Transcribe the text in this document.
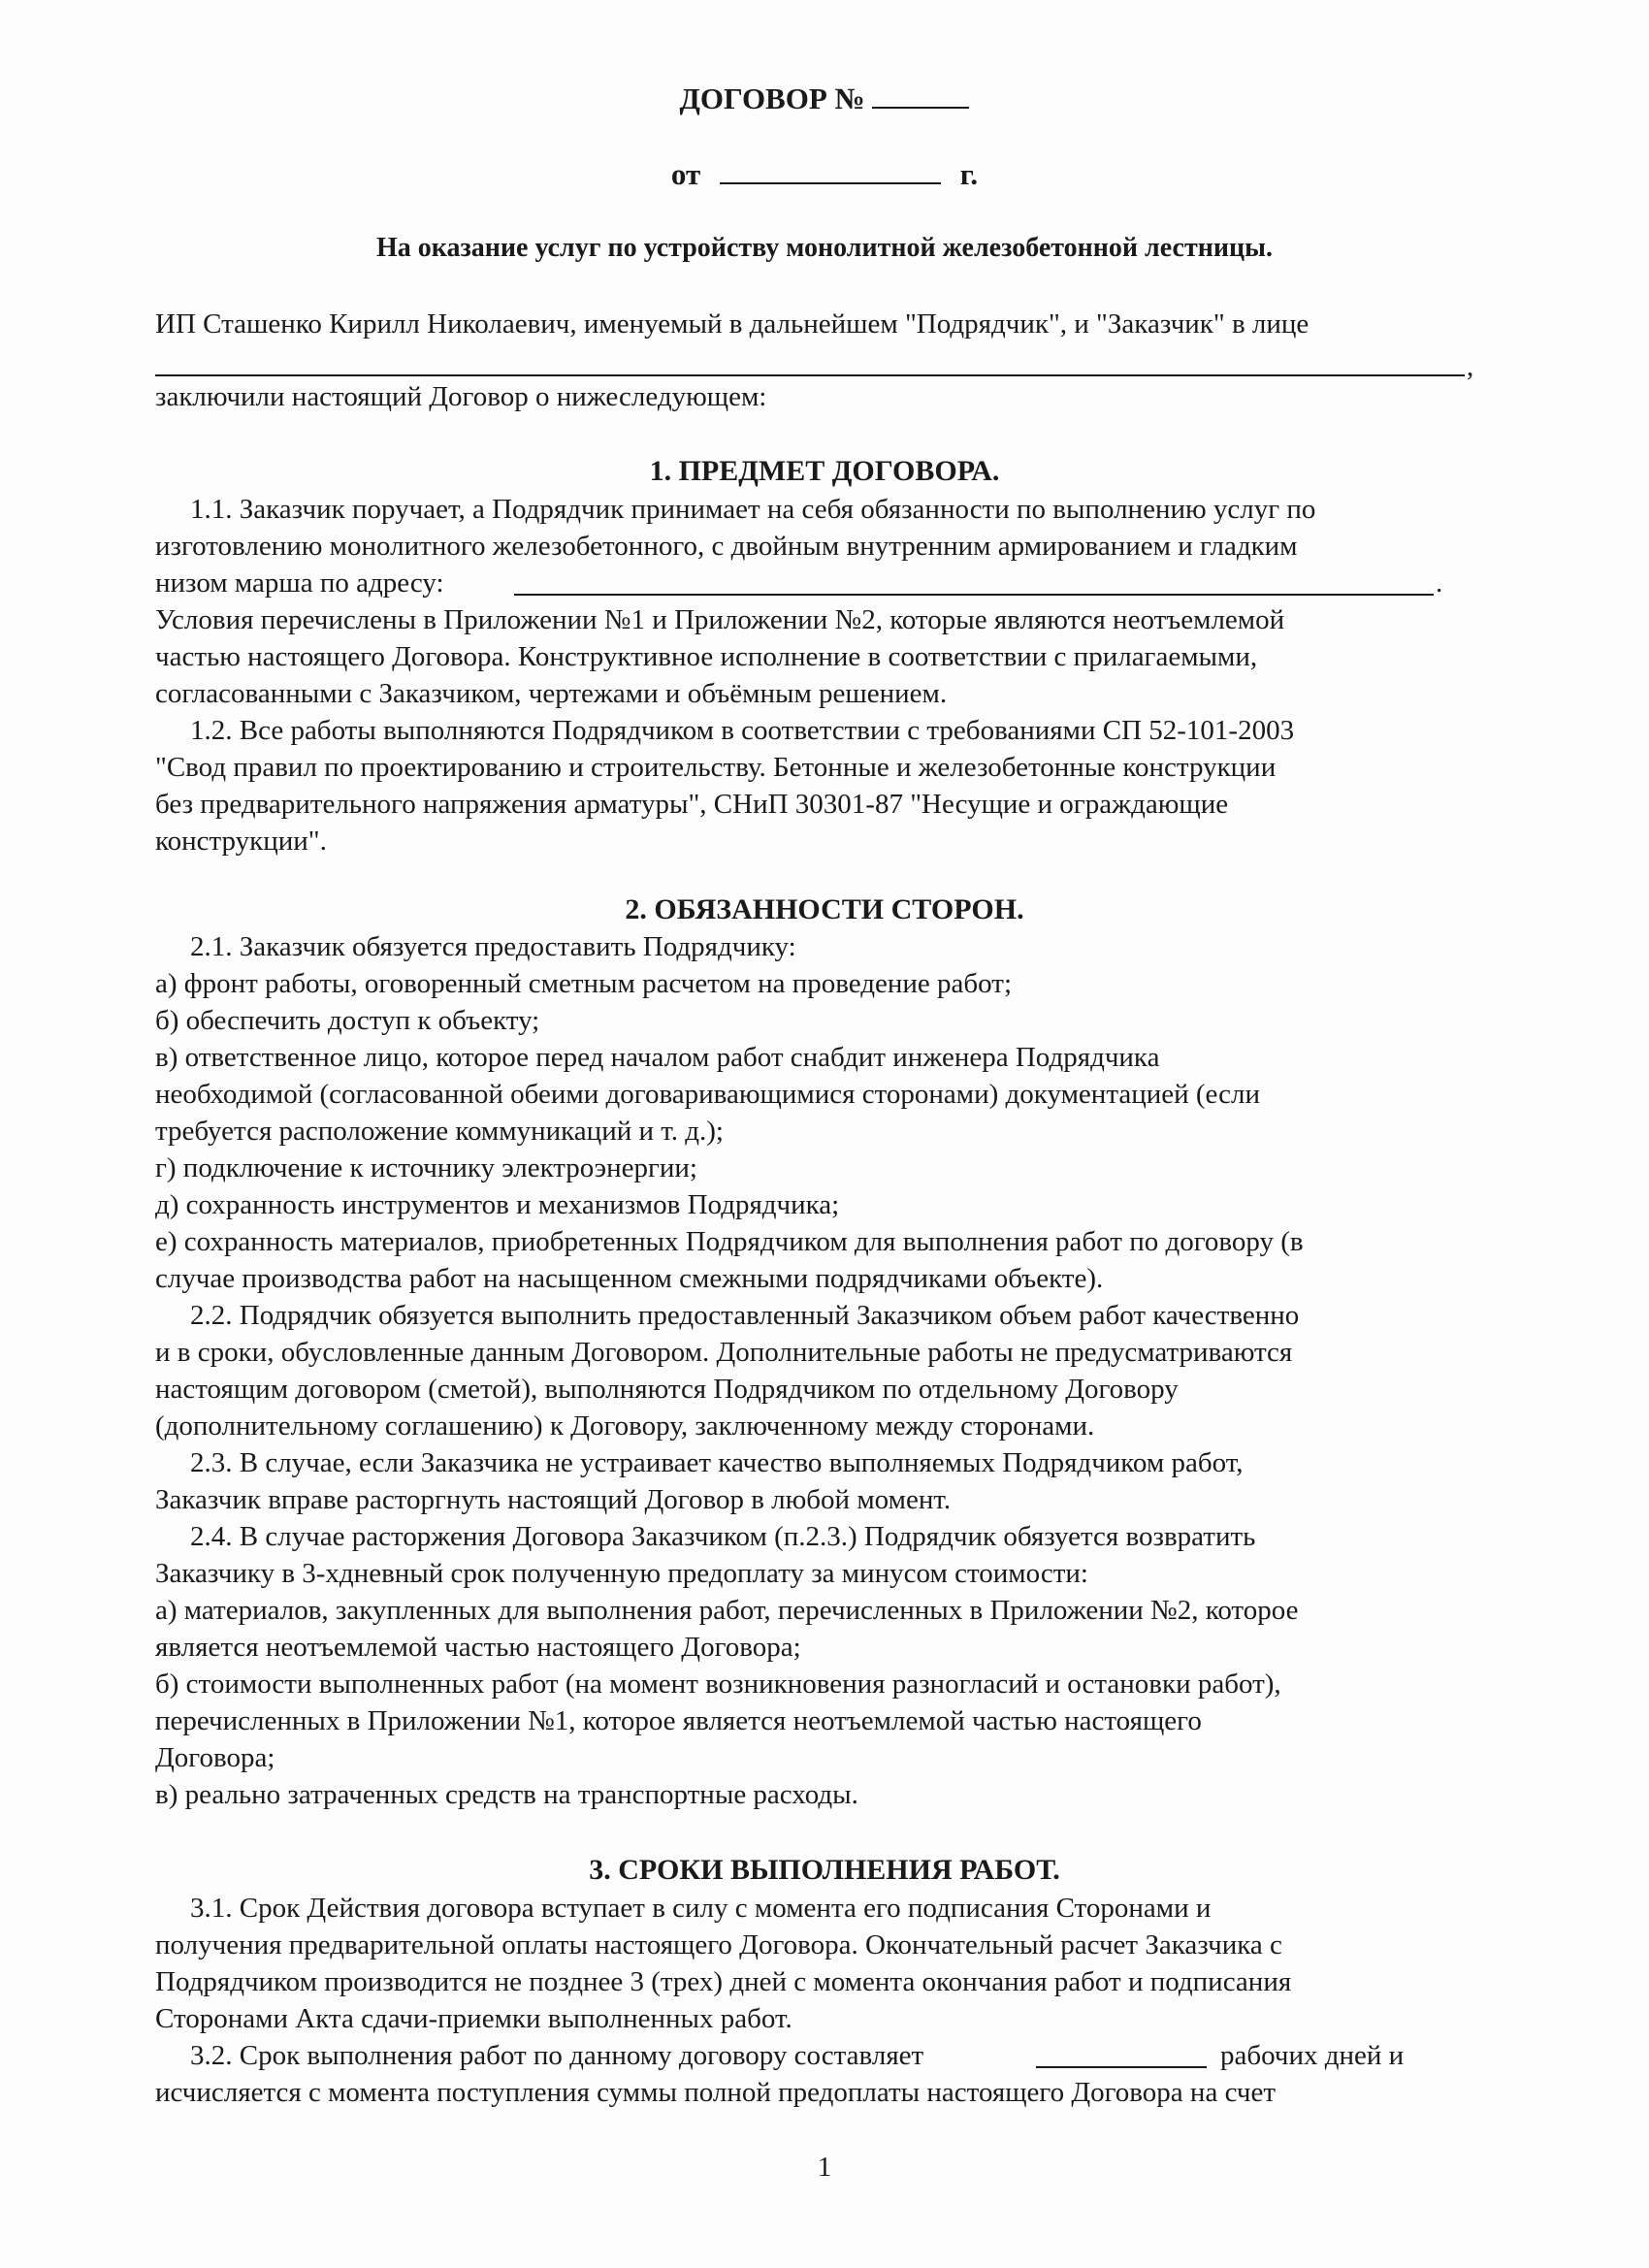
ДОГОВОР №
от	г.
На оказание услуг по устройству монолитной железобетонной лестницы.
ИП Сташенко Кирилл Николаевич, именуемый в дальнейшем "Подрядчик", и "Заказчик" в лице
,
заключили настоящий Договор о нижеследующем:
1. ПРЕДМЕТ ДОГОВОРА.
1.1. Заказчик поручает, а Подрядчик принимает на себя обязанности по выполнению услуг по
изготовлению монолитного железобетонного, с двойным внутренним армированием и гладким
низом марша по адресу:	.
Условия перечислены в Приложении №1 и Приложении №2, которые являются неотъемлемой
частью настоящего Договора. Конструктивное исполнение в соответствии с прилагаемыми,
согласованными с Заказчиком, чертежами и объёмным решением.
1.2. Все работы выполняются Подрядчиком в соответствии с требованиями СП 52-101-2003
"Свод правил по проектированию и строительству. Бетонные и железобетонные конструкции
без предварительного напряжения арматуры", СНиП 30301-87 "Несущие и ограждающие
конструкции".
2. ОБЯЗАННОСТИ СТОРОН.
2.1. Заказчик обязуется предоставить Подрядчику:
а) фронт работы, оговоренный сметным расчетом на проведение работ;
б) обеспечить доступ к объекту;
в) ответственное лицо, которое перед началом работ снабдит инженера Подрядчика
необходимой (согласованной обеими договаривающимися сторонами) документацией (если
требуется расположение коммуникаций и т. д.);
г) подключение к источнику электроэнергии;
д) сохранность инструментов и механизмов Подрядчика;
е) сохранность материалов, приобретенных Подрядчиком для выполнения работ по договору (в
случае производства работ на насыщенном смежными подрядчиками объекте).
2.2. Подрядчик обязуется выполнить предоставленный Заказчиком объем работ качественно
и в сроки, обусловленные данным Договором. Дополнительные работы не предусматриваются
настоящим договором (сметой), выполняются Подрядчиком по отдельному Договору
(дополнительному соглашению) к Договору, заключенному между сторонами.
2.3. В случае, если Заказчика не устраивает качество выполняемых Подрядчиком работ,
Заказчик вправе расторгнуть настоящий Договор в любой момент.
2.4. В случае расторжения Договора Заказчиком (п.2.3.) Подрядчик обязуется возвратить
Заказчику в 3-хдневный срок полученную предоплату за минусом стоимости:
а) материалов, закупленных для выполнения работ, перечисленных в Приложении №2, которое
является неотъемлемой частью настоящего Договора;
б) стоимости выполненных работ (на момент возникновения разногласий и остановки работ),
перечисленных в Приложении №1, которое является неотъемлемой частью настоящего
Договора;
в) реально затраченных средств на транспортные расходы.
3. СРОКИ ВЫПОЛНЕНИЯ РАБОТ.
3.1. Срок Действия договора вступает в силу с момента его подписания Сторонами и
получения предварительной оплаты настоящего Договора. Окончательный расчет Заказчика с
Подрядчиком производится не позднее 3 (трех) дней с момента окончания работ и подписания
Сторонами Акта сдачи-приемки выполненных работ.
3.2. Срок выполнения работ по данному договору составляет	рабочих дней и
исчисляется с момента поступления суммы полной предоплаты настоящего Договора на счет
1
